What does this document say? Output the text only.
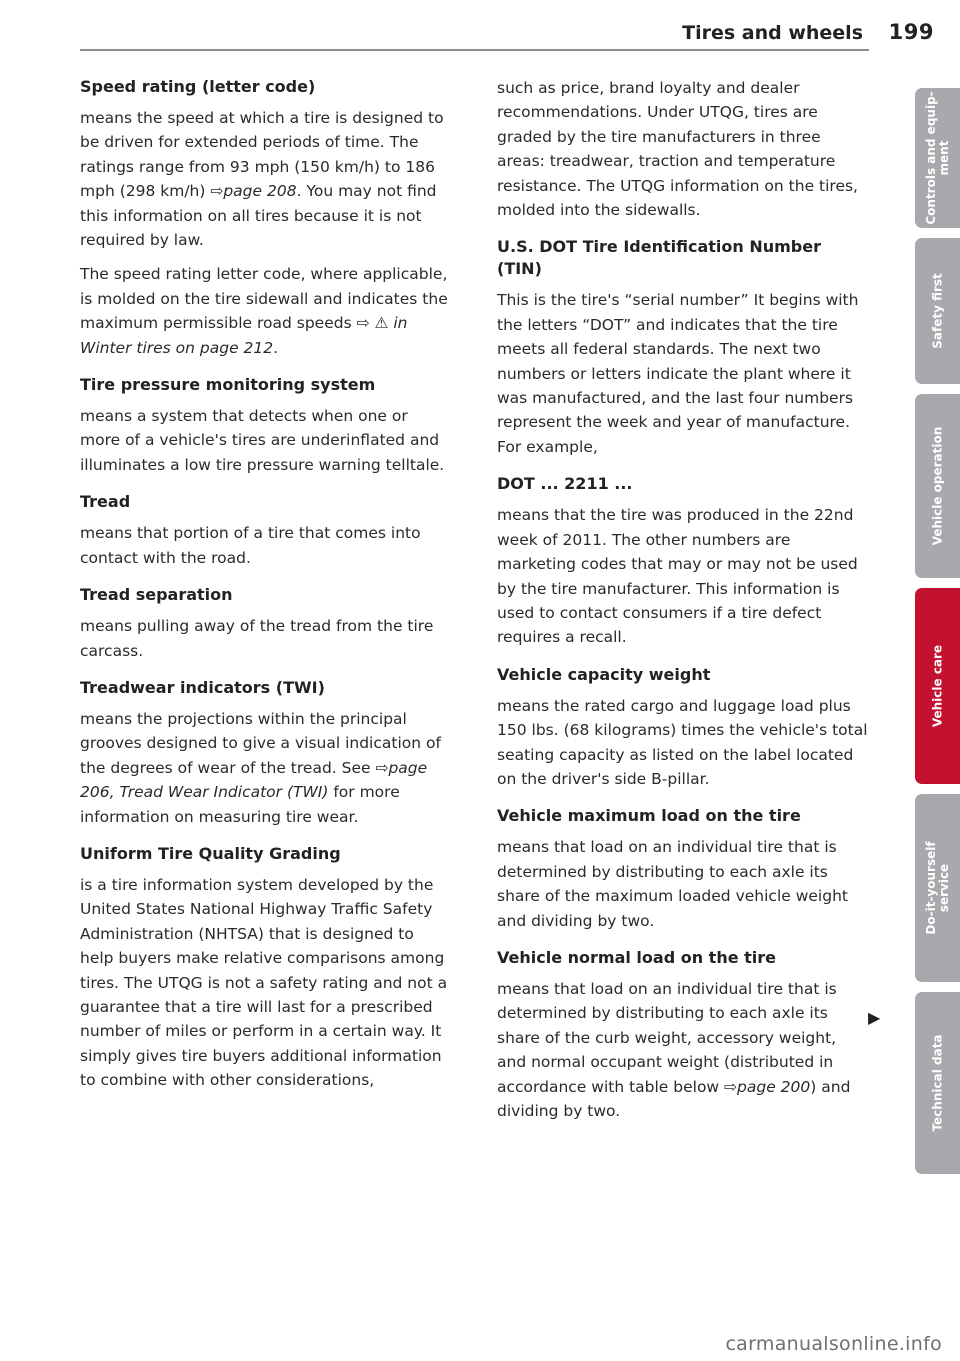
Tires and wheels 199
Speed rating (letter code)

means the speed at which a tire is designed to be driven for extended periods of time. The ratings range from 93 mph (150 km/h) to 186 mph (298 km/h) ⇨page 208. You may not find this information on all tires because it is not required by law.

The speed rating letter code, where applicable, is molded on the tire sidewall and indicates the maximum permissible road speeds ⇨ ⚠ in Winter tires on page 212.

Tire pressure monitoring system

means a system that detects when one or more of a vehicle's tires are underinflated and illuminates a low tire pressure warning telltale.

Tread

means that portion of a tire that comes into contact with the road.

Tread separation

means pulling away of the tread from the tire carcass.

Treadwear indicators (TWI)

means the projections within the principal grooves designed to give a visual indication of the degrees of wear of the tread. See ⇨page 206, Tread Wear Indicator (TWI) for more information on measuring tire wear.

Uniform Tire Quality Grading

is a tire information system developed by the United States National Highway Traffic Safety Administration (NHTSA) that is designed to help buyers make relative comparisons among tires. The UTQG is not a safety rating and not a guarantee that a tire will last for a prescribed number of miles or perform in a certain way. It simply gives tire buyers additional information to combine with other considerations,

such as price, brand loyalty and dealer recommendations. Under UTQG, tires are graded by the tire manufacturers in three areas: treadwear, traction and temperature resistance. The UTQG information on the tires, molded into the sidewalls.

U.S. DOT Tire Identification Number (TIN)

This is the tire's “serial number” It begins with the letters “DOT” and indicates that the tire meets all federal standards. The next two numbers or letters indicate the plant where it was manufactured, and the last four numbers represent the week and year of manufacture. For example,

DOT ... 2211 ...

means that the tire was produced in the 22nd week of 2011. The other numbers are marketing codes that may or may not be used by the tire manufacturer. This information is used to contact consumers if a tire defect requires a recall.

Vehicle capacity weight

means the rated cargo and luggage load plus 150 lbs. (68 kilograms) times the vehicle's total seating capacity as listed on the label located on the driver's side B-pillar.

Vehicle maximum load on the tire

means that load on an individual tire that is determined by distributing to each axle its share of the maximum loaded vehicle weight and dividing by two.

Vehicle normal load on the tire

means that load on an individual tire that is determined by distributing to each axle its share of the curb weight, accessory weight, and normal occupant weight (distributed in accordance with table below ⇨page 200) and dividing by two.

▶
Controls and equip-
ment
Safety first
Vehicle operation
Vehicle care
Do-it-yourself
service
Technical data
carmanualsonline.info
